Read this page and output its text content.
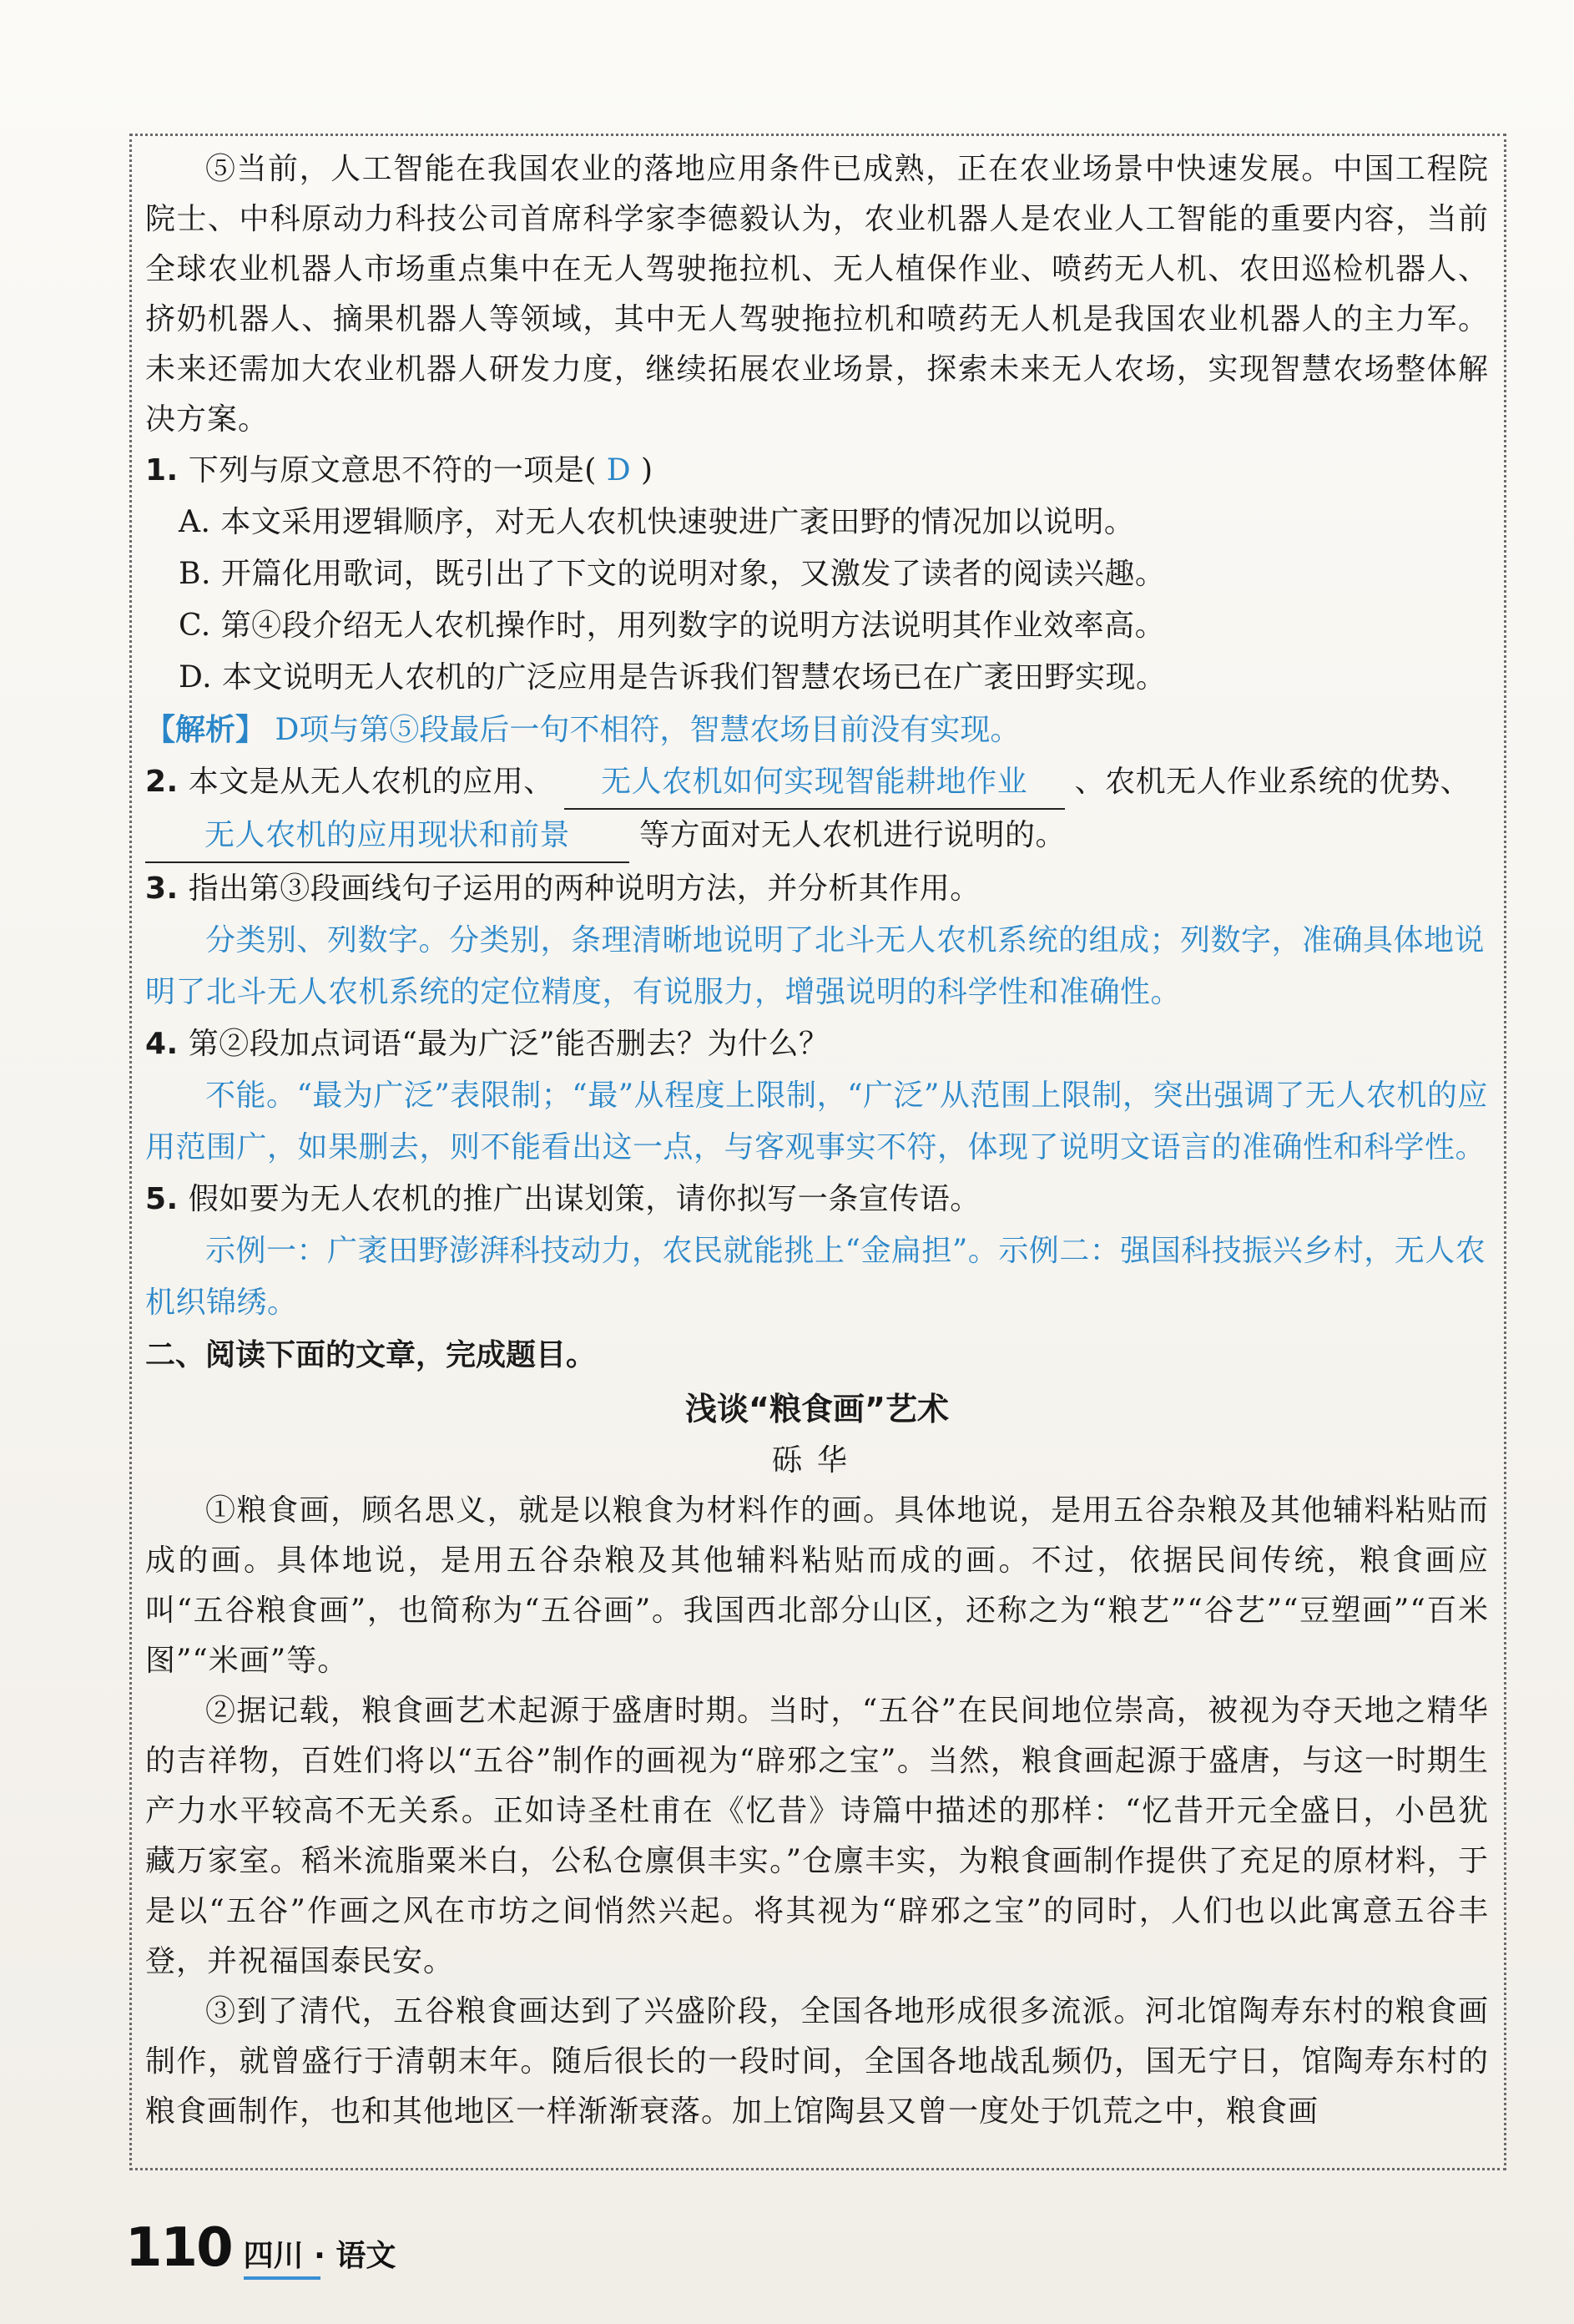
⑤当前，人工智能在我国农业的落地应用条件已成熟，正在农业场景中快速发展。中国工程院院士、中科原动力科技公司首席科学家李德毅认为，农业机器人是农业人工智能的重要内容，当前全球农业机器人市场重点集中在无人驾驶拖拉机、无人植保作业、喷药无人机、农田巡检机器人、挤奶机器人、摘果机器人等领域，其中无人驾驶拖拉机和喷药无人机是我国农业机器人的主力军。未来还需加大农业机器人研发力度，继续拓展农业场景，探索未来无人农场，实现智慧农场整体解决方案。

1. 下列与原文意思不符的一项是( D )

A. 本文采用逻辑顺序，对无人农机快速驶进广袤田野的情况加以说明。

B. 开篇化用歌词，既引出了下文的说明对象，又激发了读者的阅读兴趣。

C. 第④段介绍无人农机操作时，用列数字的说明方法说明其作业效率高。

D. 本文说明无人农机的广泛应用是告诉我们智慧农场已在广袤田野实现。

【解析】 D项与第⑤段最后一句不相符，智慧农场目前没有实现。

2. 本文是从无人农机的应用、 无人农机如何实现智能耕地作业 、农机无人作业系统的优势、

无人农机的应用现状和前景 等方面对无人农机进行说明的。

3. 指出第③段画线句子运用的两种说明方法，并分析其作用。

分类别、列数字。分类别，条理清晰地说明了北斗无人农机系统的组成；列数字，准确具体地说明了北斗无人农机系统的定位精度，有说服力，增强说明的科学性和准确性。

4. 第②段加点词语“最为广泛”能否删去？为什么？

不能。“最为广泛”表限制；“最”从程度上限制，“广泛”从范围上限制，突出强调了无人农机的应用范围广，如果删去，则不能看出这一点，与客观事实不符，体现了说明文语言的准确性和科学性。

5. 假如要为无人农机的推广出谋划策，请你拟写一条宣传语。

示例一：广袤田野澎湃科技动力，农民就能挑上“金扁担”。示例二：强国科技振兴乡村，无人农机织锦绣。

二、阅读下面的文章，完成题目。

浅谈“粮食画”艺术

砾华

①粮食画，顾名思义，就是以粮食为材料作的画。具体地说，是用五谷杂粮及其他辅料粘贴而成的画。具体地说，是用五谷杂粮及其他辅料粘贴而成的画。不过，依据民间传统，粮食画应叫“五谷粮食画”，也简称为“五谷画”。我国西北部分山区，还称之为“粮艺”“谷艺”“豆塑画”“百米图”“米画”等。

②据记载，粮食画艺术起源于盛唐时期。当时，“五谷”在民间地位崇高，被视为夺天地之精华的吉祥物，百姓们将以“五谷”制作的画视为“辟邪之宝”。当然，粮食画起源于盛唐，与这一时期生产力水平较高不无关系。正如诗圣杜甫在《忆昔》诗篇中描述的那样：“忆昔开元全盛日，小邑犹藏万家室。稻米流脂粟米白，公私仓廪俱丰实。”仓廪丰实，为粮食画制作提供了充足的原材料，于是以“五谷”作画之风在市坊之间悄然兴起。将其视为“辟邪之宝”的同时，人们也以此寓意五谷丰登，并祝福国泰民安。

③到了清代，五谷粮食画达到了兴盛阶段，全国各地形成很多流派。河北馆陶寿东村的粮食画制作，就曾盛行于清朝末年。随后很长的一段时间，全国各地战乱频仍，国无宁日，馆陶寿东村的粮食画制作，也和其他地区一样渐渐衰落。加上馆陶县又曾一度处于饥荒之中，粮食画

110 四川 · 语文
